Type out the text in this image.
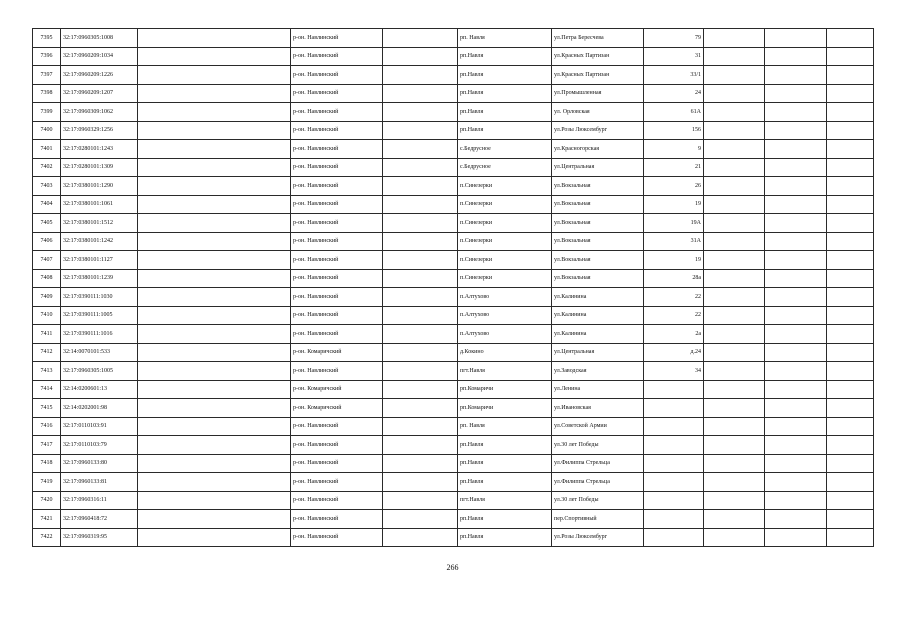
7395	32:17:0960305:1008		р-он. Навлинский		рп. Навля	ул.Петра Бересчева	79			
7396	32:17:0960209:1034		р-он. Навлинский		рп.Навля	ул.Красных Партизан	31			
7397	32:17:0960209:1226		р-он. Навлинский		рп.Навля	ул.Красных Партизан	33/1			
7398	32:17:0960209:1207		р-он. Навлинский		рп.Навля	ул.Промышленная	24			
7399	32:17:0960309:1062		р-он. Навлинский		рп.Навля	ул. Орловская	61А			
7400	32:17:0960329:1256		р-он. Навлинский		рп.Навля	ул.Розы Люксембург	156			
7401	32:17:0280101:1243		р-он. Навлинский		с.Бедрусное	ул.Красногорская	9			
7402	32:17:0280101:1309		р-он. Навлинский		с.Бедрусное	ул.Центральная	21			
7403	32:17:0380101:1290		р-он. Навлинский		п.Синезерки	ул.Вокзальная	26			
7404	32:17:0380101:1061		р-он. Навлинский		п.Синезерки	ул.Вокзальная	19			
7405	32:17:0380101:1512		р-он. Навлинский		п.Синезерки	ул.Вокзальная	19А			
7406	32:17:0380101:1242		р-он. Навлинский		п.Синезерки	ул.Вокзальная	31А			
7407	32:17:0380101:1127		р-он. Навлинский		п.Синезерки	ул.Вокзальная	19			
7408	32:17:0380101:1239		р-он. Навлинский		п.Синезерки	ул.Вокзальная	28а			
7409	32:17:0390111:1030		р-он. Навлинский		п.Алтухово	ул.Калинина	22			
7410	32:17:0390111:1005		р-он. Навлинский		п.Алтухово	ул.Калинина	22			
7411	32:17:0390111:1016		р-он. Навлинский		п.Алтухово	ул.Калинина	2а			
7412	32:14:0070101:533		р-он. Комаричский		д.Кокино	ул.Центральная	д.24			
7413	32:17:0960305:1005		р-он. Навлинский		пгт.Навля	ул.Заводская	34			
7414	32:14:0200601:13		р-он. Комаричский		рп.Комаричи	ул.Ленина				
7415	32:14:0202001:98		р-он. Комаричский		рп.Комаричи	ул.Ивановская				
7416	32:17:0110103:91		р-он. Навлинский		рп. Навля	ул.Советской Армии				
7417	32:17:0110103:79		р-он. Навлинский		рп.Навля	ул.30 лет Победы				
7418	32:17:0960133:80		р-он. Навлинский		рп.Навля	ул.Филиппа Стрельца				
7419	32:17:0960133:81		р-он. Навлинский		рп.Навля	ул.Филиппа Стрельца				
7420	32:17:0960316:11		р-он. Навлинский		пгт.Навля	ул.30 лет Победы				
7421	32:17:0960418:72		р-он. Навлинский		рп.Навля	пер.Спортивный				
7422	32:17:0960319:95		р-он. Навлинский		рп.Навля	ул.Розы Люксембург				
266
